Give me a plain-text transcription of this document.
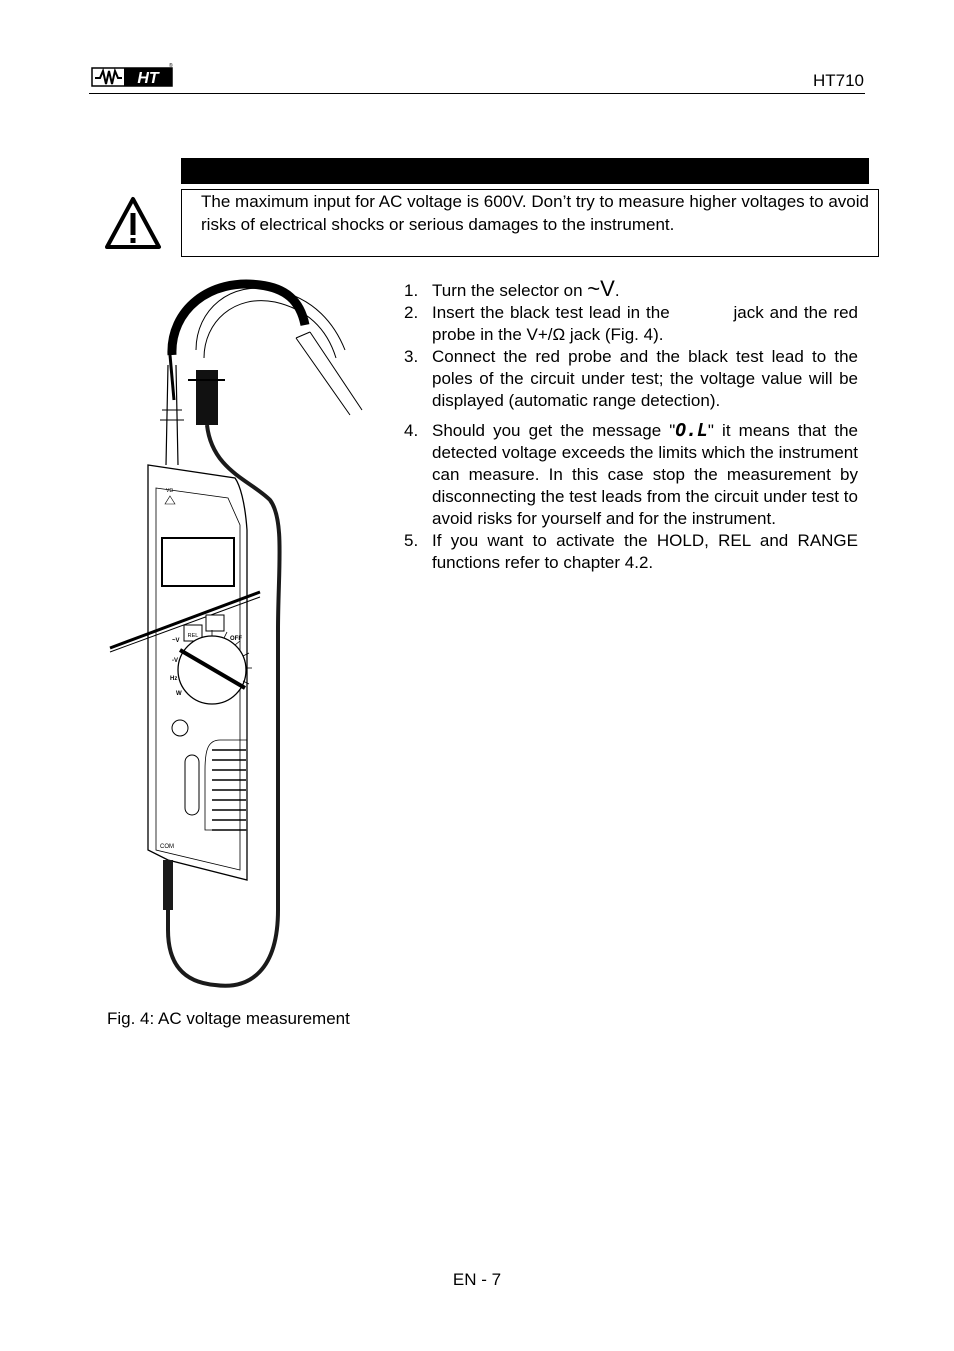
HT
®
HT710
The maximum input for AC voltage is 600V. Don’t try to measure higher voltages to avoid risks of electrical shocks or serious damages to the instrument.
REL	OFF
~V
-V
Hz
W
COM
VΩ
Fig. 4: AC voltage measurement
1. Turn the selector on ~V.
2. Insert the black test lead in the	jack and the red probe in the V+/Ω jack (Fig. 4).
3. Connect the red probe and the black test lead to the poles of the circuit under test; the voltage value will be displayed (automatic range detection).
4. Should you get the message "O.L" it means that the detected voltage exceeds the limits which the instrument can measure. In this case stop the measurement by disconnecting the test leads from the circuit under test to avoid risks for yourself and for the instrument.
5. If you want to activate the HOLD, REL and RANGE functions refer to chapter 4.2.
EN - 7
